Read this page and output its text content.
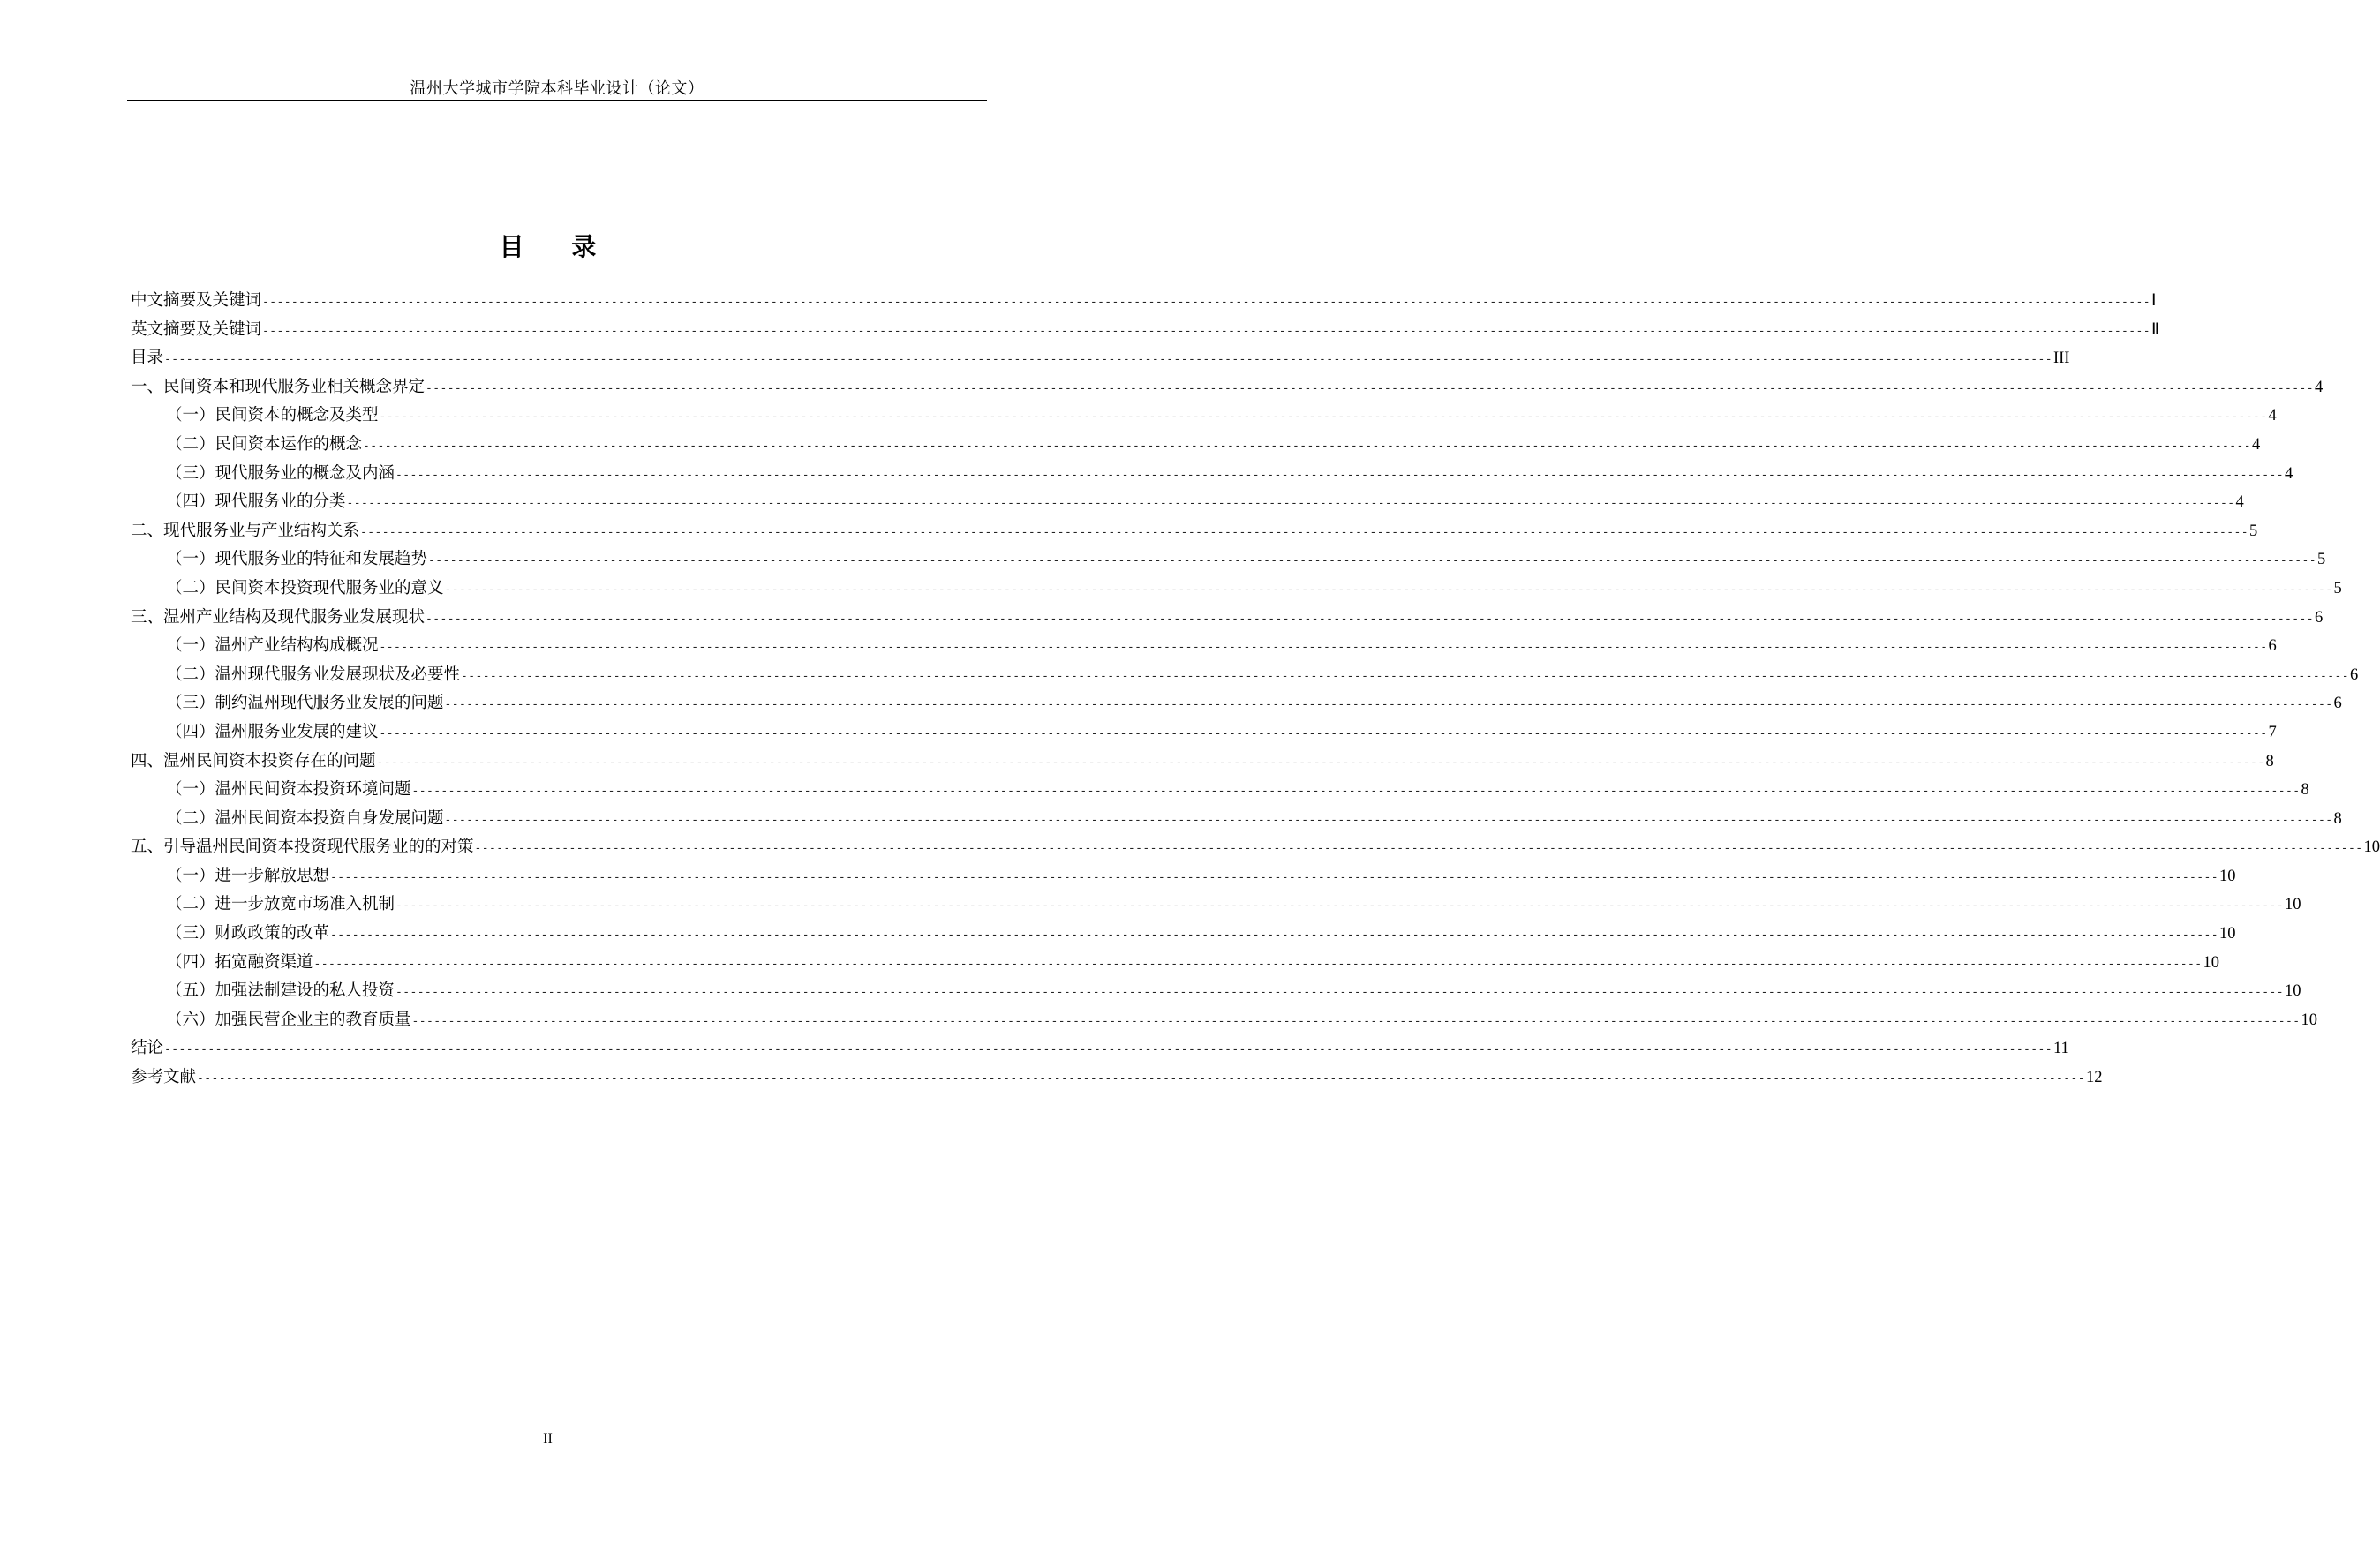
温州大学城市学院本科毕业设计（论文）
目 录
中文摘要及关键词 -------------------------------------------------------------------------------------------------------------------------------------------------------------------------------------------------------------------------------------------------------------------- Ⅰ
英文摘要及关键词 -------------------------------------------------------------------------------------------------------------------------------------------------------------------------------------------------------------------------------------------------------------------- Ⅱ
目录 -------------------------------------------------------------------------------------------------------------------------------------------------------------------------------------------------------------------------------------------------------------------- III
一、民间资本和现代服务业相关概念界定 -------------------------------------------------------------------------------------------------------------------------------------------------------------------------------------------------------------------------------------------------------------------- 4
（一）民间资本的概念及类型 -------------------------------------------------------------------------------------------------------------------------------------------------------------------------------------------------------------------------------------------------------------------- 4
（二）民间资本运作的概念 -------------------------------------------------------------------------------------------------------------------------------------------------------------------------------------------------------------------------------------------------------------------- 4
（三）现代服务业的概念及内涵 -------------------------------------------------------------------------------------------------------------------------------------------------------------------------------------------------------------------------------------------------------------------- 4
（四）现代服务业的分类 -------------------------------------------------------------------------------------------------------------------------------------------------------------------------------------------------------------------------------------------------------------------- 4
二、现代服务业与产业结构关系 -------------------------------------------------------------------------------------------------------------------------------------------------------------------------------------------------------------------------------------------------------------------- 5
（一）现代服务业的特征和发展趋势 -------------------------------------------------------------------------------------------------------------------------------------------------------------------------------------------------------------------------------------------------------------------- 5
（二）民间资本投资现代服务业的意义 -------------------------------------------------------------------------------------------------------------------------------------------------------------------------------------------------------------------------------------------------------------------- 5
三、温州产业结构及现代服务业发展现状 -------------------------------------------------------------------------------------------------------------------------------------------------------------------------------------------------------------------------------------------------------------------- 6
（一）温州产业结构构成概况 -------------------------------------------------------------------------------------------------------------------------------------------------------------------------------------------------------------------------------------------------------------------- 6
（二）温州现代服务业发展现状及必要性 -------------------------------------------------------------------------------------------------------------------------------------------------------------------------------------------------------------------------------------------------------------------- 6
（三）制约温州现代服务业发展的问题 -------------------------------------------------------------------------------------------------------------------------------------------------------------------------------------------------------------------------------------------------------------------- 6
（四）温州服务业发展的建议 -------------------------------------------------------------------------------------------------------------------------------------------------------------------------------------------------------------------------------------------------------------------- 7
四、温州民间资本投资存在的问题 -------------------------------------------------------------------------------------------------------------------------------------------------------------------------------------------------------------------------------------------------------------------- 8
（一）温州民间资本投资环境问题 -------------------------------------------------------------------------------------------------------------------------------------------------------------------------------------------------------------------------------------------------------------------- 8
（二）温州民间资本投资自身发展问题 -------------------------------------------------------------------------------------------------------------------------------------------------------------------------------------------------------------------------------------------------------------------- 8
五、引导温州民间资本投资现代服务业的的对策 -------------------------------------------------------------------------------------------------------------------------------------------------------------------------------------------------------------------------------------------------------------------- 10
（一）进一步解放思想 -------------------------------------------------------------------------------------------------------------------------------------------------------------------------------------------------------------------------------------------------------------------- 10
（二）进一步放宽市场准入机制 -------------------------------------------------------------------------------------------------------------------------------------------------------------------------------------------------------------------------------------------------------------------- 10
（三）财政政策的改革 -------------------------------------------------------------------------------------------------------------------------------------------------------------------------------------------------------------------------------------------------------------------- 10
（四）拓宽融资渠道 -------------------------------------------------------------------------------------------------------------------------------------------------------------------------------------------------------------------------------------------------------------------- 10
（五）加强法制建设的私人投资 -------------------------------------------------------------------------------------------------------------------------------------------------------------------------------------------------------------------------------------------------------------------- 10
（六）加强民营企业主的教育质量 -------------------------------------------------------------------------------------------------------------------------------------------------------------------------------------------------------------------------------------------------------------------- 10
结论 -------------------------------------------------------------------------------------------------------------------------------------------------------------------------------------------------------------------------------------------------------------------- 11
参考文献 -------------------------------------------------------------------------------------------------------------------------------------------------------------------------------------------------------------------------------------------------------------------- 12
II
